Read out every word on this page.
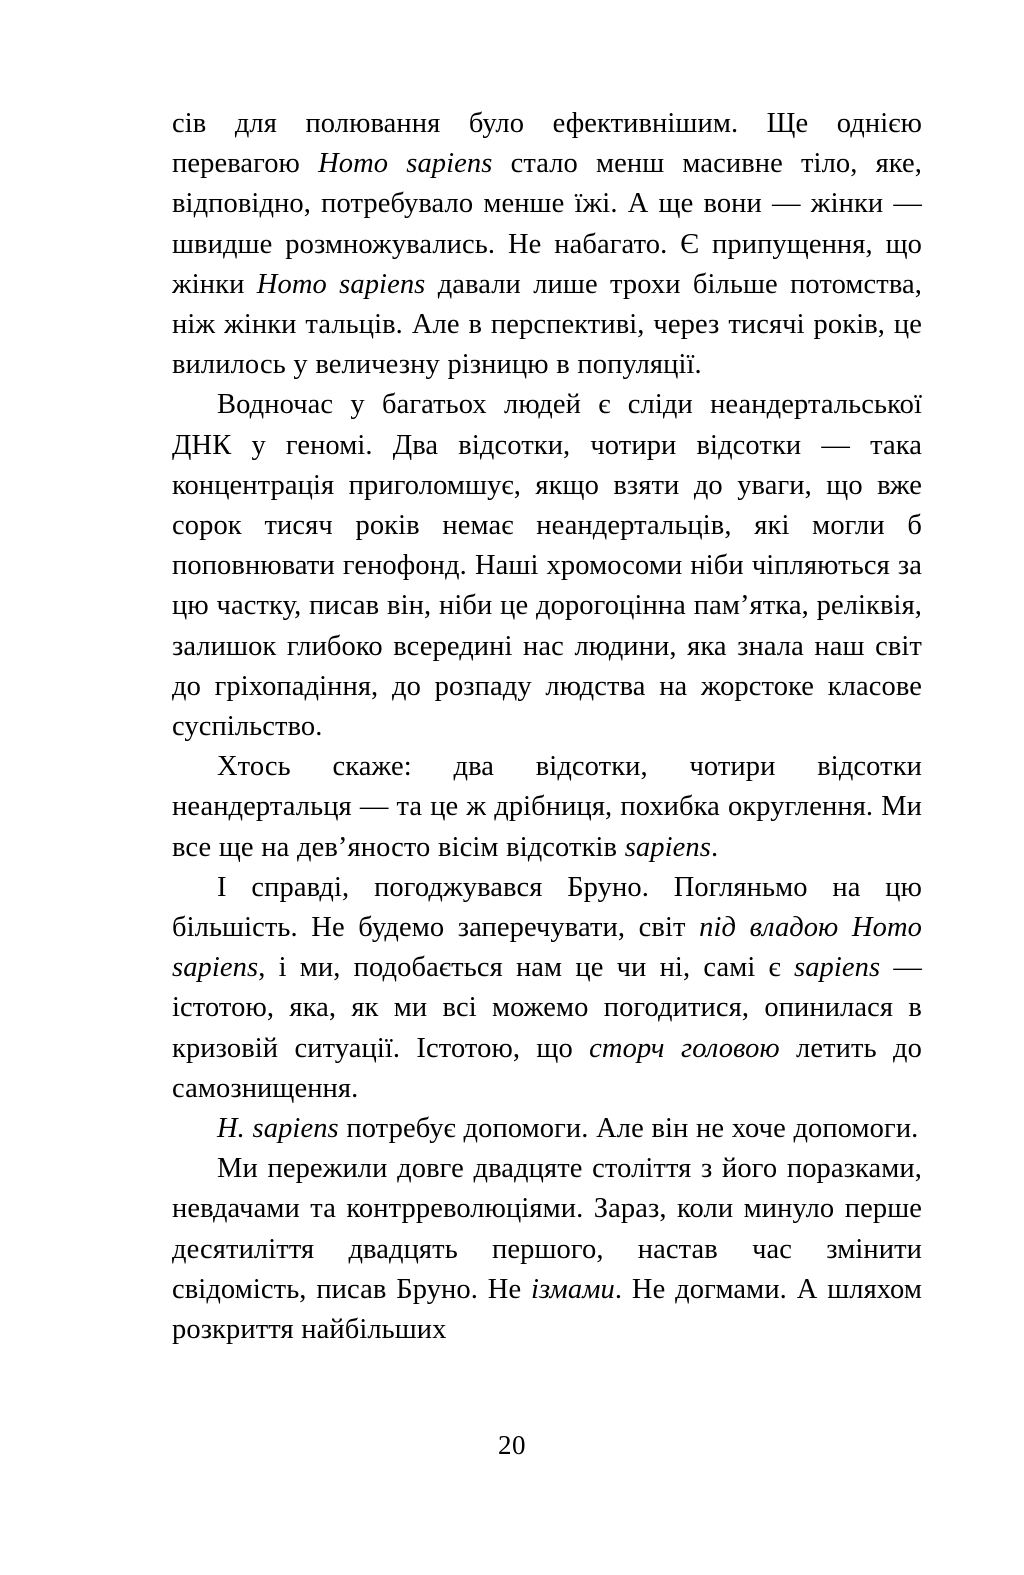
сів для полювання було ефективнішим. Ще однією перевагою Homo sapiens стало менш масивне тіло, яке, відповідно, потребувало менше їжі. А ще вони — жінки — швидше розмножувались. Не набагато. Є припущення, що жінки Homo sapiens давали лише трохи більше потомства, ніж жінки тальців. Але в перспективі, через тисячі років, це вилилось у величезну різницю в популяції.

Водночас у багатьох людей є сліди неандертальської ДНК у геномі. Два відсотки, чотири відсотки — така концентрація приголомшує, якщо взяти до уваги, що вже сорок тисяч років немає неандертальців, які могли б поповнювати генофонд. Наші хромосоми ніби чіпляються за цю частку, писав він, ніби це дорогоцінна пам’ятка, реліквія, залишок глибоко всередині нас людини, яка знала наш світ до гріхопадіння, до розпаду людства на жорстоке класове суспільство.

Хтось скаже: два відсотки, чотири відсотки неандертальця — та це ж дрібниця, похибка округлення. Ми все ще на дев’яносто вісім відсотків sapiens.

І справді, погоджувався Бруно. Погляньмо на цю більшість. Не будемо заперечувати, світ під владою Homo sapiens, і ми, подобається нам це чи ні, самі є sapiens — істотою, яка, як ми всі можемо погодитися, опинилася в кризовій ситуації. Істотою, що сторч головою летить до самознищення.

H. sapiens потребує допомоги. Але він не хоче допомоги.

Ми пережили довге двадцяте століття з його поразками, невдачами та контрреволюціями. Зараз, коли минуло перше десятиліття двадцять першого, настав час змінити свідомість, писав Бруно. Не ізмами. Не догмами. А шляхом розкриття найбільших

20
